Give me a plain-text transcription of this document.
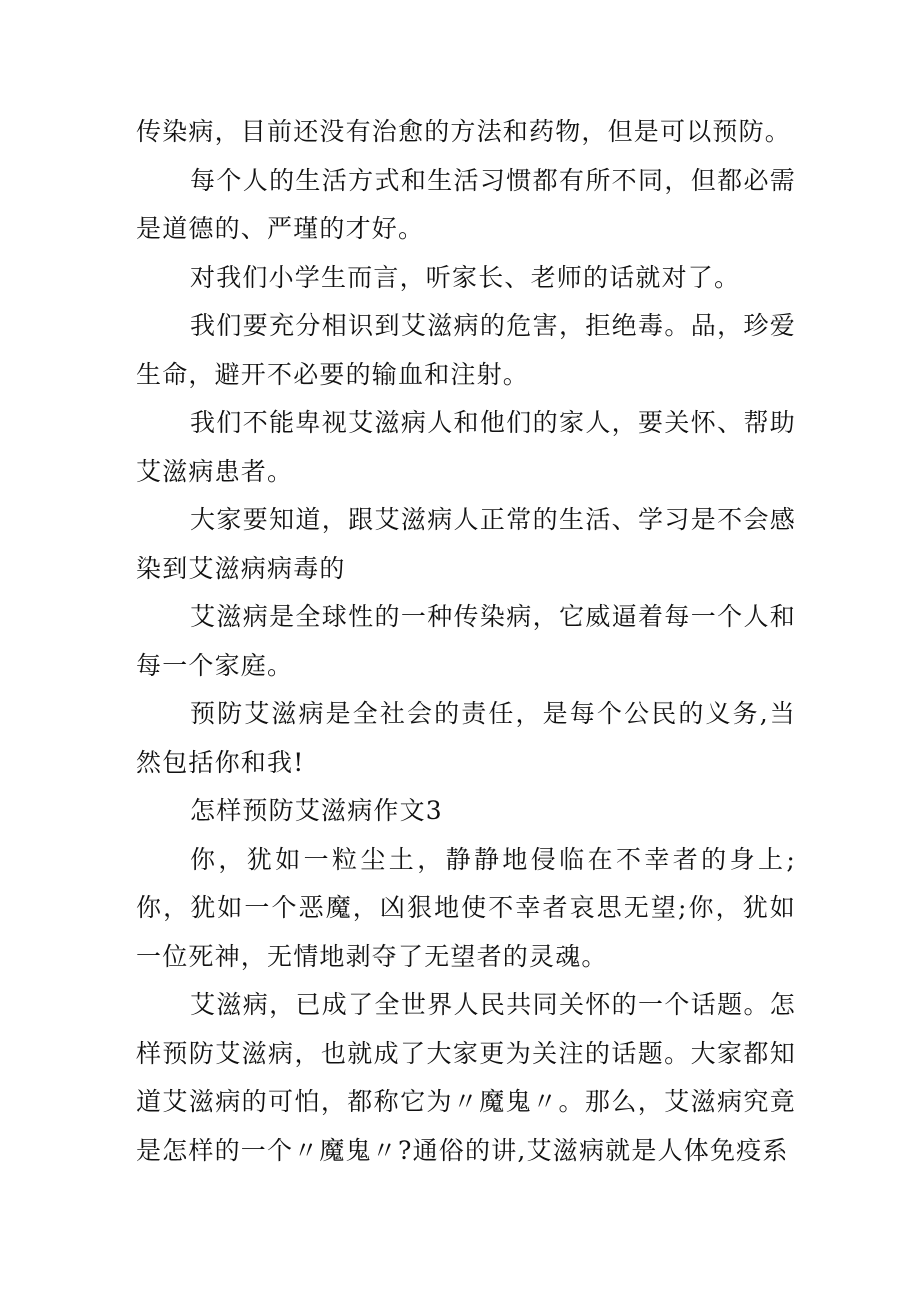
传染病，目前还没有治愈的方法和药物，但是可以预防。

每个人的生活方式和生活习惯都有所不同，但都必需是道德的、严瑾的才好。

对我们小学生而言，听家长、老师的话就对了。

我们要充分相识到艾滋病的危害，拒绝毒。品，珍爱生命，避开不必要的输血和注射。

我们不能卑视艾滋病人和他们的家人，要关怀、帮助艾滋病患者。

大家要知道，跟艾滋病人正常的生活、学习是不会感染到艾滋病病毒的

艾滋病是全球性的一种传染病，它威逼着每一个人和每一个家庭。

预防艾滋病是全社会的责任，是每个公民的义务,当然包括你和我!

怎样预防艾滋病作文3

你，犹如一粒尘土，静静地侵临在不幸者的身上;你，犹如一个恶魔，凶狠地使不幸者哀思无望;你，犹如一位死神，无情地剥夺了无望者的灵魂。

艾滋病，已成了全世界人民共同关怀的一个话题。怎样预防艾滋病，也就成了大家更为关注的话题。大家都知道艾滋病的可怕，都称它为〃魔鬼〃。那么，艾滋病究竟是怎样的一个〃魔鬼〃?通俗的讲,艾滋病就是人体免疫系
